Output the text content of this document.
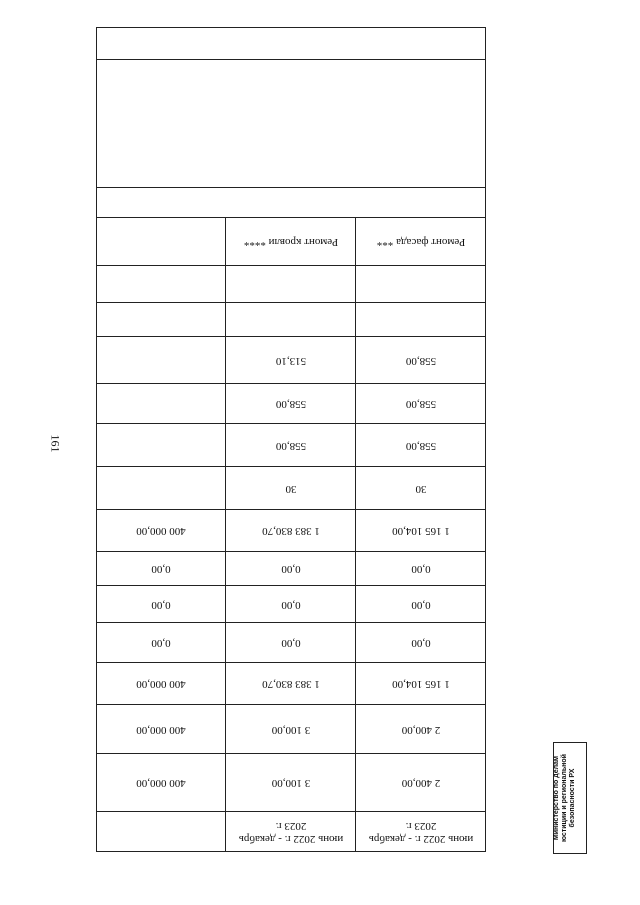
161
июнь 2022 г. - декабрь 2023 г.
июнь 2022 г. - декабрь 2023 г.
2 400,00
3 100,00
400 000,00
2 400,00
3 100,00
400 000,00
1 165 104,00
1 383 830,70
400 000,00
0,00
0,00
0,00
0,00
0,00
0,00
0,00
0,00
0,00
1 165 104,00
1 383 830,70
400 000,00
30
30
558,00
558,00
558,00
558,00
558,00
513,10
Ремонт фасада ***
Ремонт кровли ****
Министерство по делам юстиции и региональной безопасности РХ
